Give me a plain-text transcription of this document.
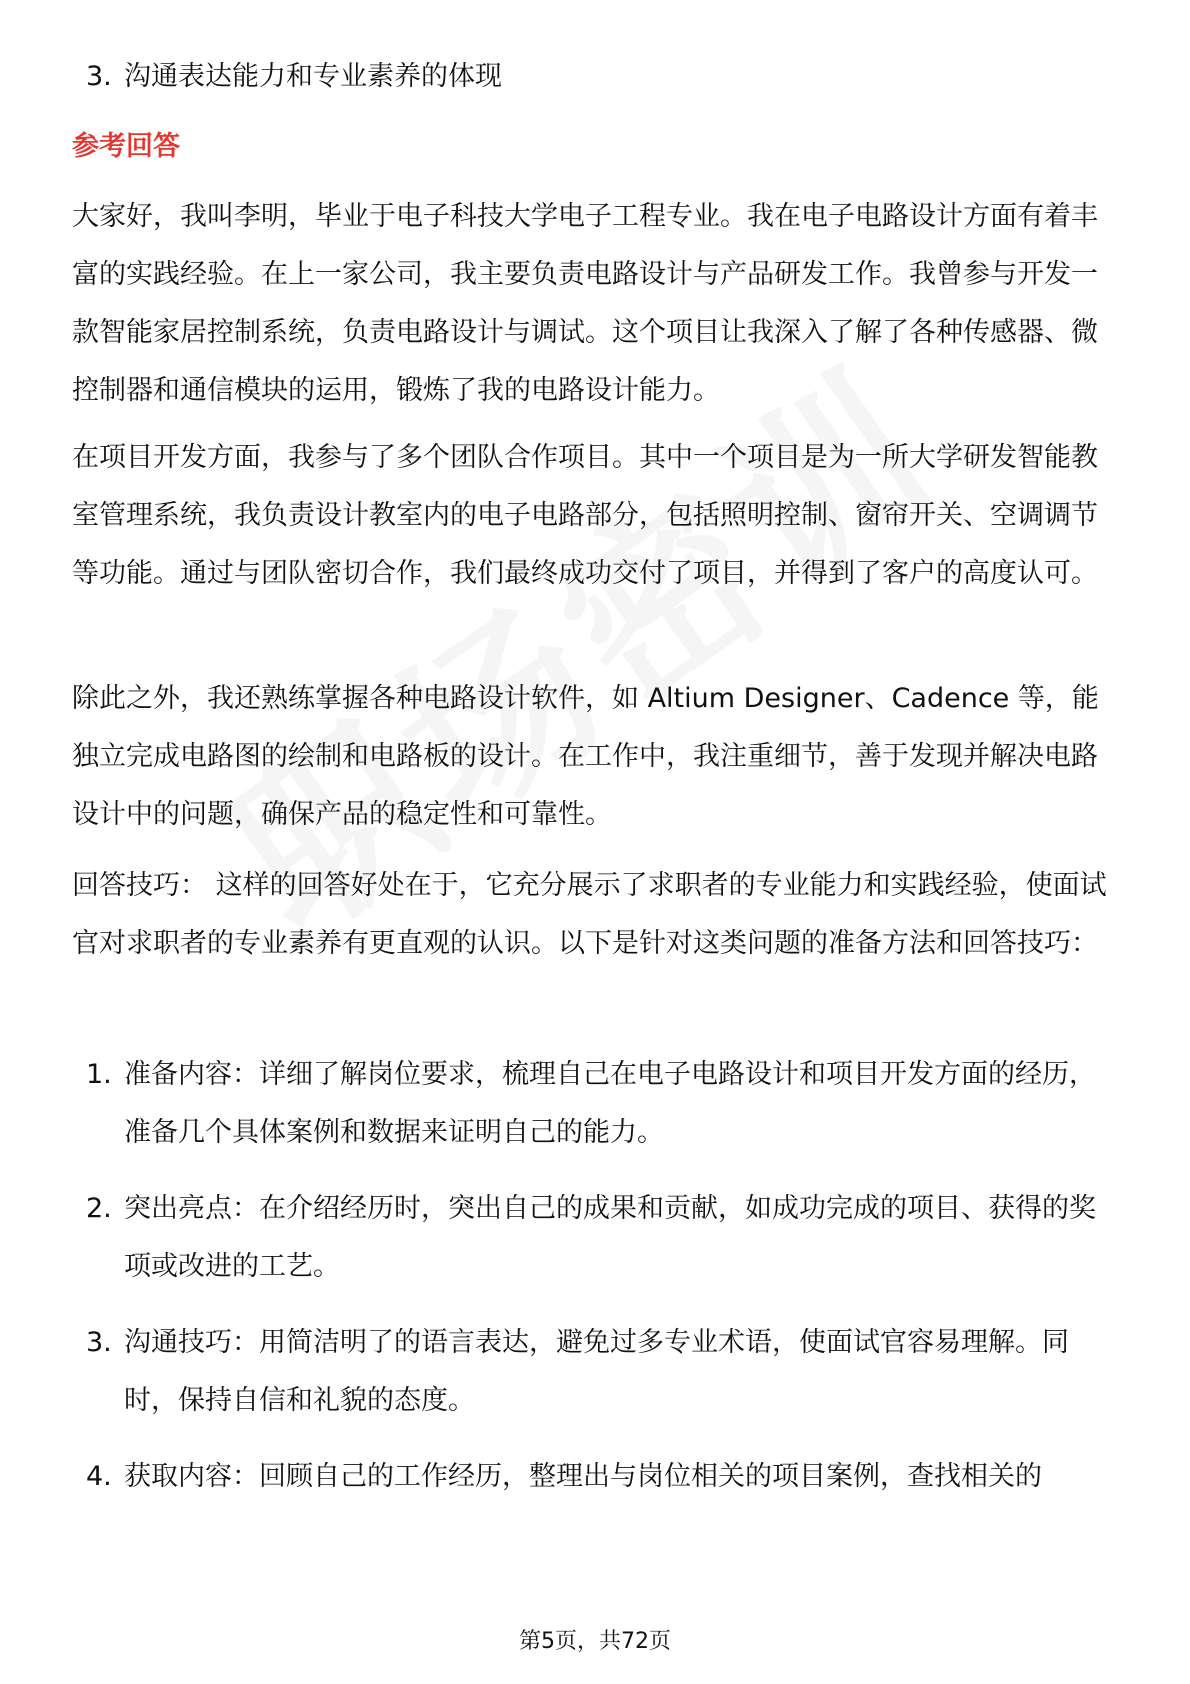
3. 沟通表达能力和专业素养的体现
参考回答
大家好，我叫李明，毕业于电子科技大学电子工程专业。我在电子电路设计方面有着丰富的实践经验。在上一家公司，我主要负责电路设计与产品研发工作。我曾参与开发一款智能家居控制系统，负责电路设计与调试。这个项目让我深入了解了各种传感器、微控制器和通信模块的运用，锻炼了我的电路设计能力。
在项目开发方面，我参与了多个团队合作项目。其中一个项目是为一所大学研发智能教室管理系统，我负责设计教室内的电子电路部分，包括照明控制、窗帘开关、空调调节等功能。通过与团队密切合作，我们最终成功交付了项目，并得到了客户的高度认可。
除此之外，我还熟练掌握各种电路设计软件，如 Altium Designer、Cadence 等，能独立完成电路图的绘制和电路板的设计。在工作中，我注重细节，善于发现并解决电路设计中的问题，确保产品的稳定性和可靠性。
回答技巧： 这样的回答好处在于，它充分展示了求职者的专业能力和实践经验，使面试官对求职者的专业素养有更直观的认识。以下是针对这类问题的准备方法和回答技巧：
1. 准备内容：详细了解岗位要求，梳理自己在电子电路设计和项目开发方面的经历，准备几个具体案例和数据来证明自己的能力。
2. 突出亮点：在介绍经历时，突出自己的成果和贡献，如成功完成的项目、获得的奖项或改进的工艺。
3. 沟通技巧：用简洁明了的语言表达，避免过多专业术语，使面试官容易理解。同时，保持自信和礼貌的态度。
4. 获取内容：回顾自己的工作经历，整理出与岗位相关的项目案例，查找相关的
第5页，共72页
